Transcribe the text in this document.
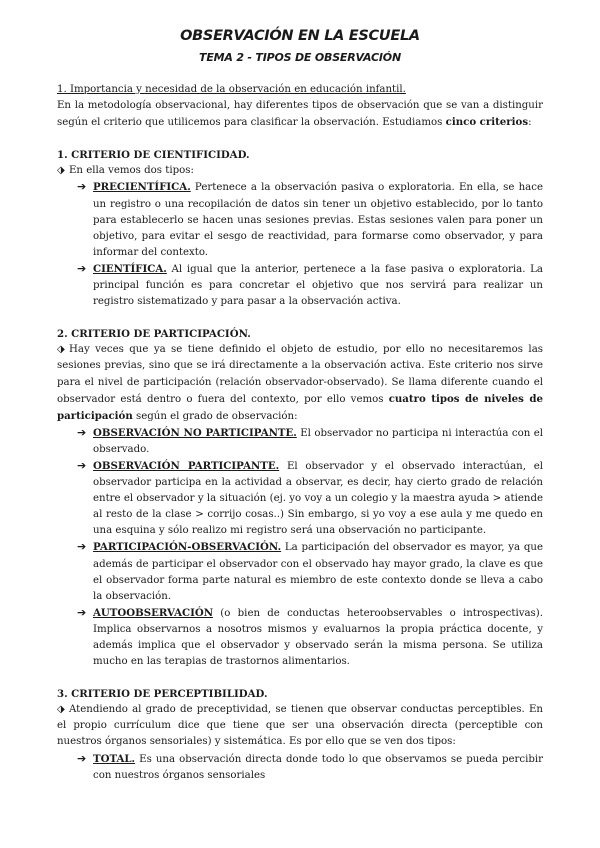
OBSERVACIÓN EN LA ESCUELA
TEMA 2 - TIPOS DE OBSERVACIÓN

1. Importancia y necesidad de la observación en educación infantil.

En la metodología observacional, hay diferentes tipos de observación que se van a distinguir según el criterio que utilicemos para clasificar la observación. Estudiamos cinco criterios:

1. CRITERIO DE CIENTIFICIDAD.

⬗ En ella vemos dos tipos:

➔ PRECIENTÍFICA. Pertenece a la observación pasiva o exploratoria. En ella, se hace un registro o una recopilación de datos sin tener un objetivo establecido, por lo tanto para establecerlo se hacen unas sesiones previas. Estas sesiones valen para poner un objetivo, para evitar el sesgo de reactividad, para formarse como observador, y para informar del contexto.
➔ CIENTÍFICA. Al igual que la anterior, pertenece a la fase pasiva o exploratoria. La principal función es para concretar el objetivo que nos servirá para realizar un registro sistematizado y para pasar a la observación activa.

2. CRITERIO DE PARTICIPACIÓN.

⬗ Hay veces que ya se tiene definido el objeto de estudio, por ello no necesitaremos las sesiones previas, sino que se irá directamente a la observación activa. Este criterio nos sirve para el nivel de participación (relación observador-observado). Se llama diferente cuando el observador está dentro o fuera del contexto, por ello vemos cuatro tipos de niveles de participación según el grado de observación:

➔ OBSERVACIÓN NO PARTICIPANTE. El observador no participa ni interactúa con el observado.
➔ OBSERVACIÓN PARTICIPANTE. El observador y el observado interactúan, el observador participa en la actividad a observar, es decir, hay cierto grado de relación entre el observador y la situación (ej. yo voy a un colegio y la maestra ayuda > atiende al resto de la clase > corrijo cosas..) Sin embargo, si yo voy a ese aula y me quedo en una esquina y sólo realizo mi registro será una observación no participante.
➔ PARTICIPACIÓN-OBSERVACIÓN. La participación del observador es mayor, ya que además de participar el observador con el observado hay mayor grado, la clave es que el observador forma parte natural es miembro de este contexto donde se lleva a cabo la observación.
➔ AUTOOBSERVACIÓN (o bien de conductas heteroobservables o introspectivas). Implica observarnos a nosotros mismos y evaluarnos la propia práctica docente, y además implica que el observador y observado serán la misma persona. Se utiliza mucho en las terapias de trastornos alimentarios.

3. CRITERIO DE PERCEPTIBILIDAD.

⬗ Atendiendo al grado de preceptividad, se tienen que observar conductas perceptibles. En el propio currículum dice que tiene que ser una observación directa (perceptible con nuestros órganos sensoriales) y sistemática. Es por ello que se ven dos tipos:

➔ TOTAL. Es una observación directa donde todo lo que observamos se pueda percibir con nuestros órganos sensoriales
